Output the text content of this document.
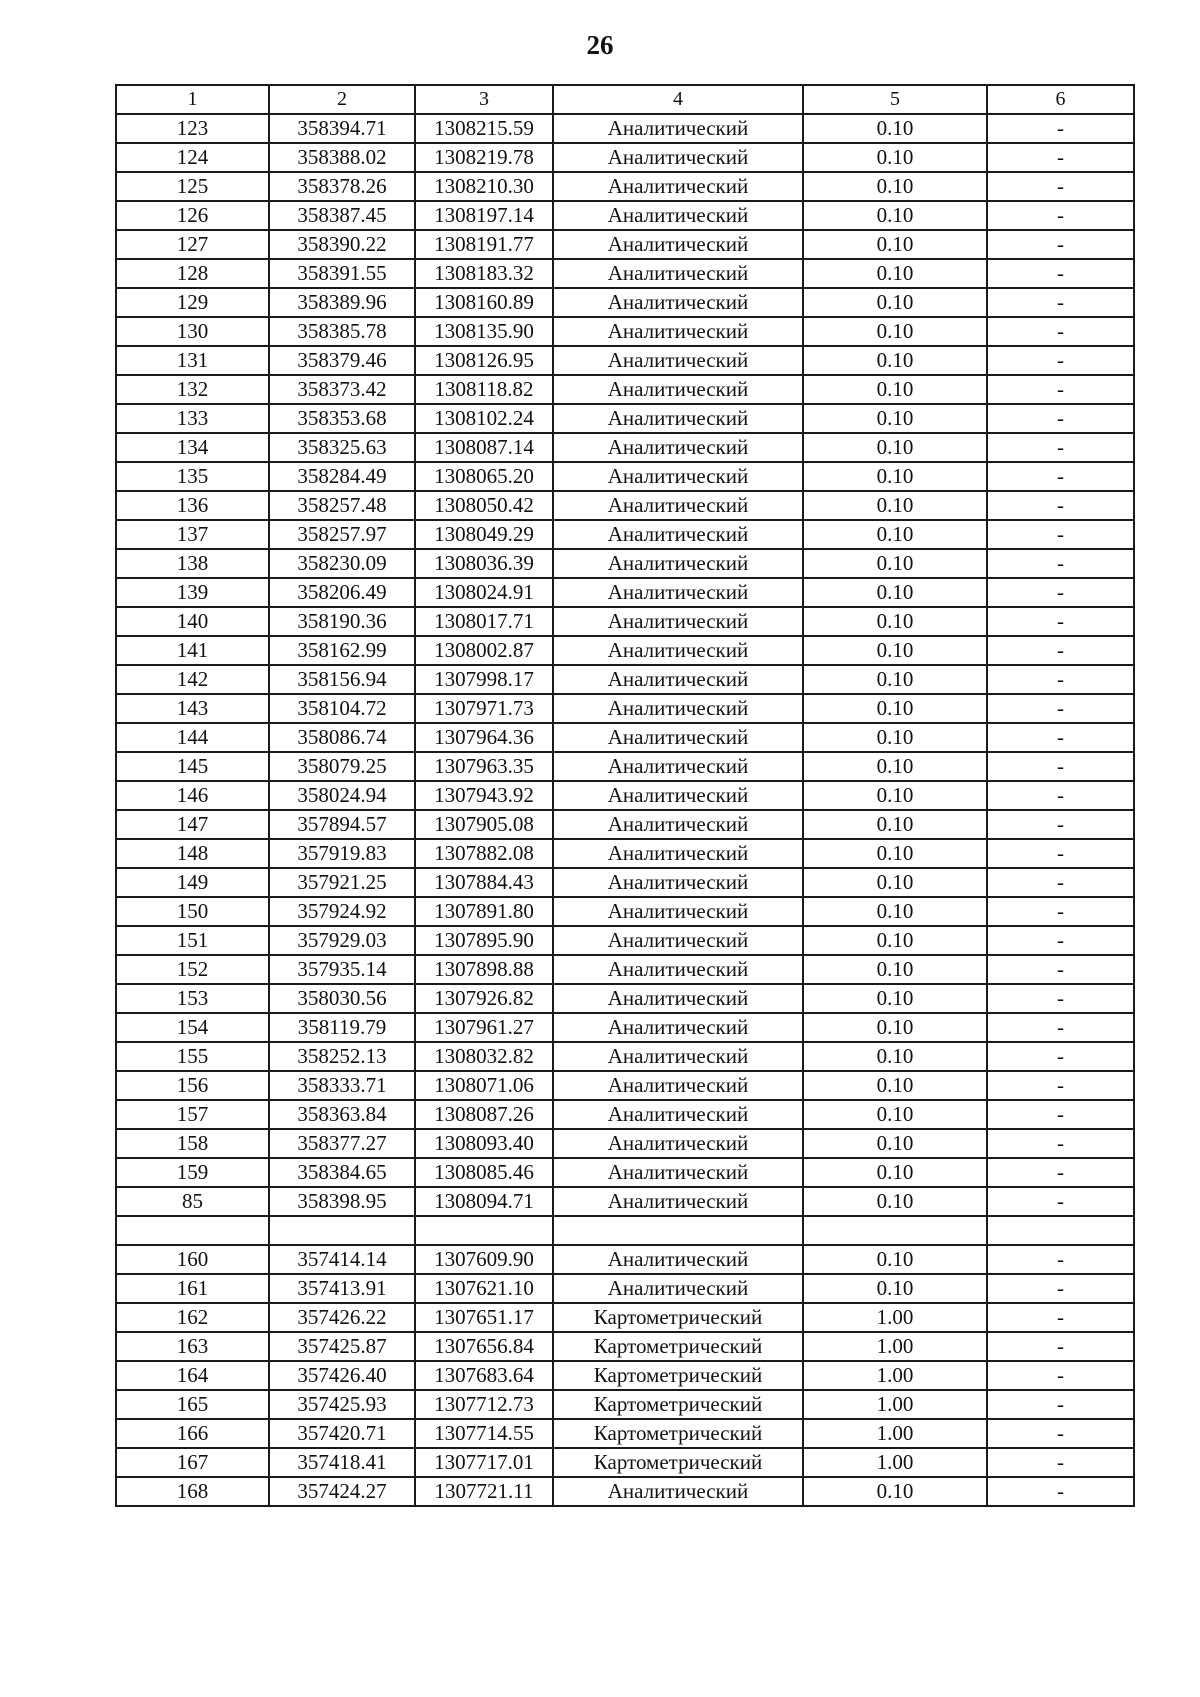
26
1	2	3	4	5	6
123	358394.71	1308215.59	Аналитический	0.10	-
124	358388.02	1308219.78	Аналитический	0.10	-
125	358378.26	1308210.30	Аналитический	0.10	-
126	358387.45	1308197.14	Аналитический	0.10	-
127	358390.22	1308191.77	Аналитический	0.10	-
128	358391.55	1308183.32	Аналитический	0.10	-
129	358389.96	1308160.89	Аналитический	0.10	-
130	358385.78	1308135.90	Аналитический	0.10	-
131	358379.46	1308126.95	Аналитический	0.10	-
132	358373.42	1308118.82	Аналитический	0.10	-
133	358353.68	1308102.24	Аналитический	0.10	-
134	358325.63	1308087.14	Аналитический	0.10	-
135	358284.49	1308065.20	Аналитический	0.10	-
136	358257.48	1308050.42	Аналитический	0.10	-
137	358257.97	1308049.29	Аналитический	0.10	-
138	358230.09	1308036.39	Аналитический	0.10	-
139	358206.49	1308024.91	Аналитический	0.10	-
140	358190.36	1308017.71	Аналитический	0.10	-
141	358162.99	1308002.87	Аналитический	0.10	-
142	358156.94	1307998.17	Аналитический	0.10	-
143	358104.72	1307971.73	Аналитический	0.10	-
144	358086.74	1307964.36	Аналитический	0.10	-
145	358079.25	1307963.35	Аналитический	0.10	-
146	358024.94	1307943.92	Аналитический	0.10	-
147	357894.57	1307905.08	Аналитический	0.10	-
148	357919.83	1307882.08	Аналитический	0.10	-
149	357921.25	1307884.43	Аналитический	0.10	-
150	357924.92	1307891.80	Аналитический	0.10	-
151	357929.03	1307895.90	Аналитический	0.10	-
152	357935.14	1307898.88	Аналитический	0.10	-
153	358030.56	1307926.82	Аналитический	0.10	-
154	358119.79	1307961.27	Аналитический	0.10	-
155	358252.13	1308032.82	Аналитический	0.10	-
156	358333.71	1308071.06	Аналитический	0.10	-
157	358363.84	1308087.26	Аналитический	0.10	-
158	358377.27	1308093.40	Аналитический	0.10	-
159	358384.65	1308085.46	Аналитический	0.10	-
85	358398.95	1308094.71	Аналитический	0.10	-

160	357414.14	1307609.90	Аналитический	0.10	-
161	357413.91	1307621.10	Аналитический	0.10	-
162	357426.22	1307651.17	Картометрический	1.00	-
163	357425.87	1307656.84	Картометрический	1.00	-
164	357426.40	1307683.64	Картометрический	1.00	-
165	357425.93	1307712.73	Картометрический	1.00	-
166	357420.71	1307714.55	Картометрический	1.00	-
167	357418.41	1307717.01	Картометрический	1.00	-
168	357424.27	1307721.11	Аналитический	0.10	-
